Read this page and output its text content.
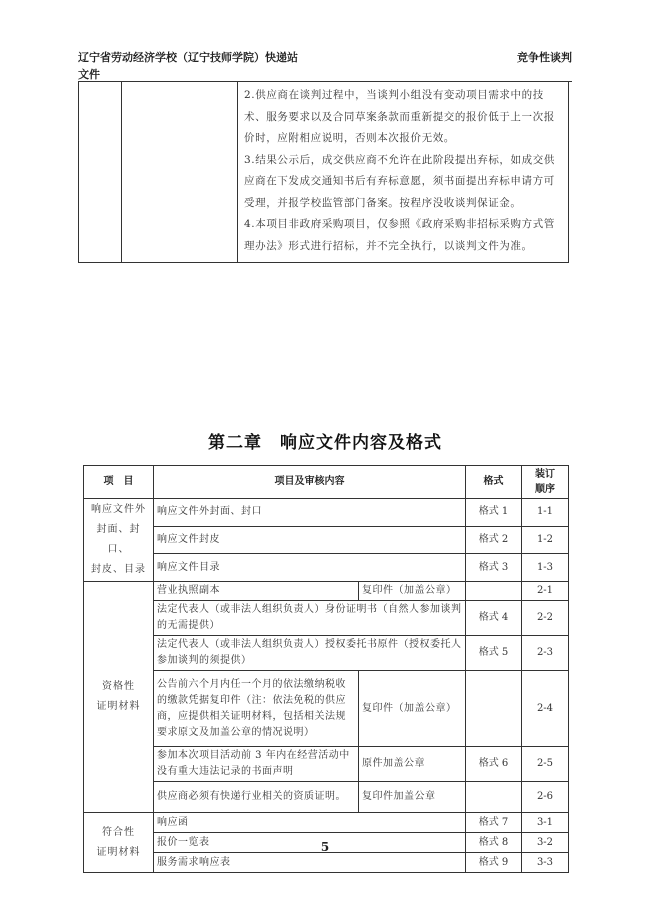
辽宁省劳动经济学校（辽宁技师学院）快递站
文件
竞争性谈判

2.供应商在谈判过程中，当谈判小组没有变动项目需求中的技术、服务要求以及合同草案条款而重新提交的报价低于上一次报价时，应附相应说明，否则本次报价无效。

3.结果公示后，成交供应商不允许在此阶段提出弃标，如成交供应商在下发成交通知书后有弃标意愿，须书面提出弃标申请方可受理，并报学校监管部门备案。按程序没收谈判保证金。

4.本项目非政府采购项目，仅参照《政府采购非招标采购方式管理办法》形式进行招标，并不完全执行，以谈判文件为准。

第二章　响应文件内容及格式
项　目	项目及审核内容		格式	装订
顺序

响应文件外
封面、封口、
封皮、目录	响应文件外封面、封口		格式 1	1-1
	响应文件封皮		格式 2	1-2
	响应文件目录		格式 3	1-3

资格性
证明材料	营业执照副本	复印件（加盖公章）		2-1
	法定代表人（或非法人组织负责人）身份证明书（自然人参加谈判的无需提供）		格式 4	2-2
	法定代表人（或非法人组织负责人）授权委托书原件（授权委托人参加谈判的须提供）		格式 5	2-3
	公告前六个月内任一个月的依法缴纳税收的缴款凭据复印件（注：依法免税的供应商，应提供相关证明材料，包括相关法规要求原文及加盖公章的情况说明）	复印件（加盖公章）		2-4
	参加本次项目活动前 3 年内在经营活动中没有重大违法记录的书面声明	原件加盖公章	格式 6	2-5
	供应商必须有快递行业相关的资质证明。	复印件加盖公章		2-6

符合性
证明材料	响应函		格式 7	3-1
	报价一览表		格式 8	3-2
	服务需求响应表		格式 9	3-3
5
